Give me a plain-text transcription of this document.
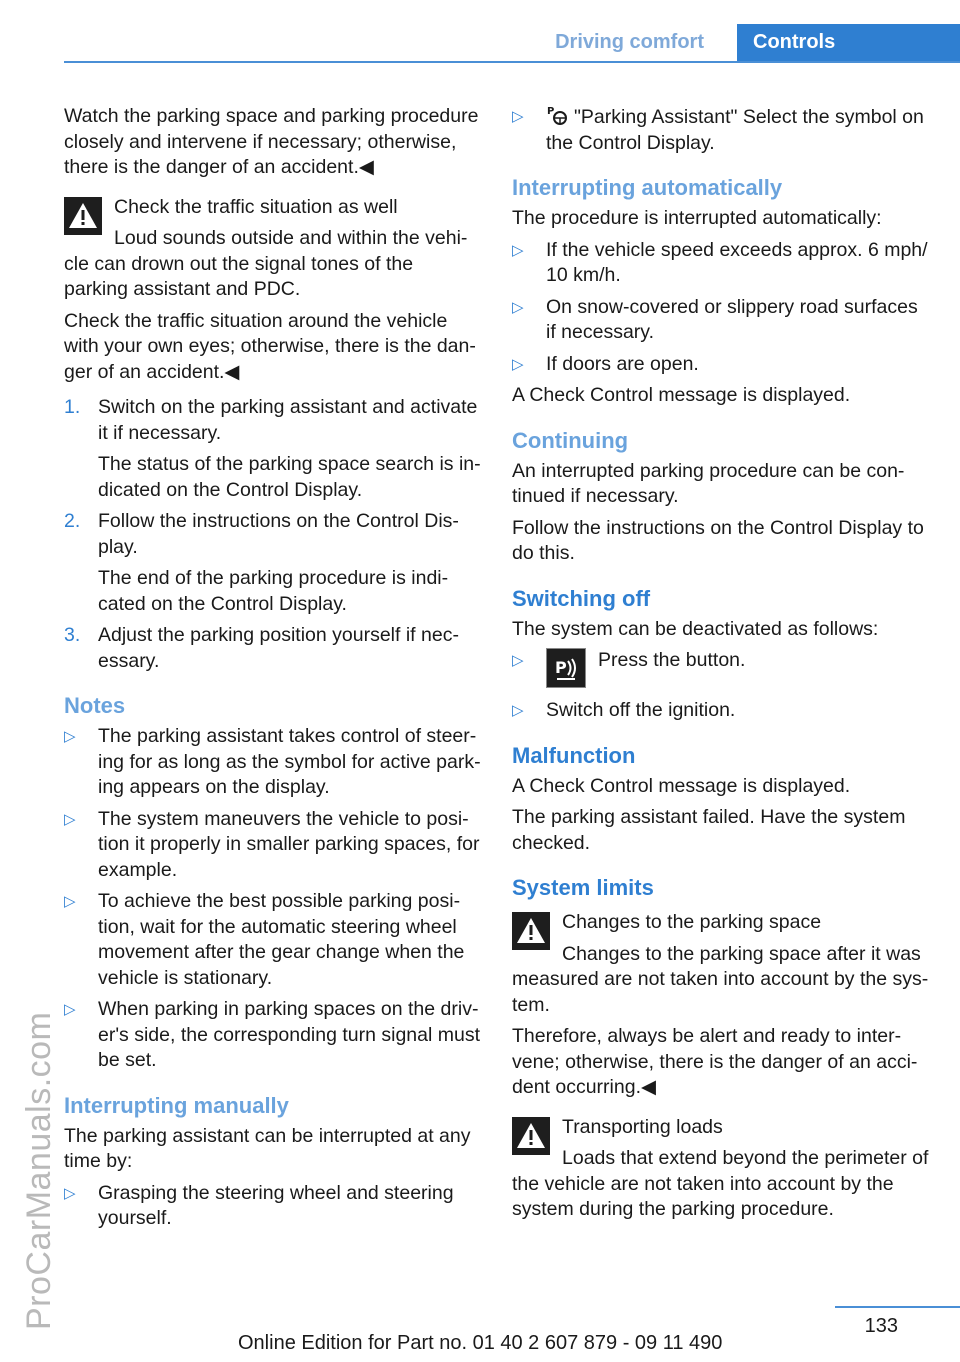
Driving comfort	Controls
ProCarManuals.com

Watch the parking space and parking procedure closely and intervene if necessary; otherwise, there is the danger of an accident.◀

Check the traffic situation as well

Loud sounds outside and within the vehicle can drown out the signal tones of the parking assistant and PDC.

Check the traffic situation around the vehicle with your own eyes; otherwise, there is the danger of an accident.◀

1. Switch on the parking assistant and activate it if necessary.

The status of the parking space search is indicated on the Control Display.

2. Follow the instructions on the Control Display.

The end of the parking procedure is indicated on the Control Display.

3. Adjust the parking position yourself if necessary.

Notes
▷ The parking assistant takes control of steering for as long as the symbol for active parking appears on the display.
▷ The system maneuvers the vehicle to position it properly in smaller parking spaces, for example.
▷ To achieve the best possible parking position, wait for the automatic steering wheel movement after the gear change when the vehicle is stationary.
▷ When parking in parking spaces on the driver's side, the corresponding turn signal must be set.
Interrupting manually

The parking assistant can be interrupted at any time by:

▷ Grasping the steering wheel and steering yourself.
▷ P "Parking Assistant" Select the symbol on the Control Display.
Interrupting automatically

The procedure is interrupted automatically:

▷ If the vehicle speed exceeds approx. 6 mph/ 10 km/h.
▷ On snow-covered or slippery road surfaces if necessary.
▷ If doors are open.

A Check Control message is displayed.

Continuing

An interrupted parking procedure can be continued if necessary.

Follow the instructions on the Control Display to do this.

Switching off

The system can be deactivated as follows:

▷ P Press the button.
▷ Switch off the ignition.
Malfunction

A Check Control message is displayed.

The parking assistant failed. Have the system checked.

System limits

Changes to the parking space

Changes to the parking space after it was measured are not taken into account by the system.

Therefore, always be alert and ready to intervene; otherwise, there is the danger of an accident occurring.◀

Transporting loads

Loads that extend beyond the perimeter of the vehicle are not taken into account by the system during the parking procedure.

133
Online Edition for Part no. 01 40 2 607 879 - 09 11 490
